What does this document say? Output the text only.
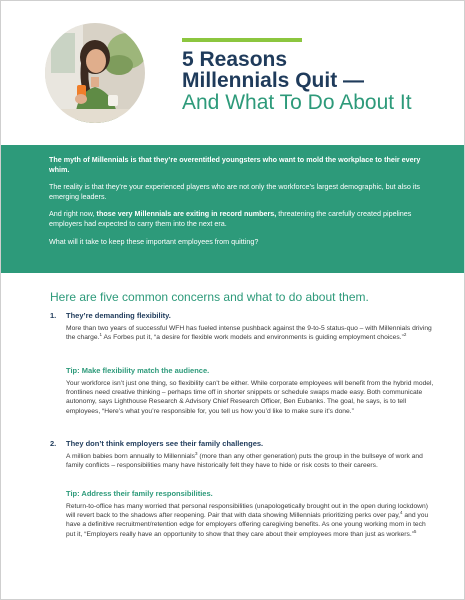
5 Reasons
Millennials Quit —
And What To Do About It

The myth of Millennials is that they’re overentitled youngsters who want to mold the workplace to their every whim.

The reality is that they’re your experienced players who are not only the workforce’s largest demographic, but also its emerging leaders.

And right now, those very Millennials are exiting in record numbers, threatening the carefully created pipelines employers had expected to carry them into the next era.

What will it take to keep these important employees from quitting?

Here are five common concerns and what to do about them.
1. They’re demanding flexibility.
More than two years of successful WFH has fueled intense pushback against the 9-to-5 status-quo – with Millennials driving the charge.$^1$ As Forbes put it, “a desire for flexible work models and environments is guiding employment choices.”$^2$
Tip: Make flexibility match the audience.
Your workforce isn’t just one thing, so flexibility can’t be either. While corporate employees will benefit from the hybrid model, frontlines need creative thinking – perhaps time off in shorter snippets or schedule swaps made easy. Both communicate autonomy, says Lighthouse Research & Advisory Chief Research Officer, Ben Eubanks. The goal, he says, is to tell employees, “Here’s what you’re responsible for, you tell us how you’d like to make sure it’s done.”
2. They don’t think employers see their family challenges.
A million babies born annually to Millennials$^3$ (more than any other generation) puts the group in the bullseye of work and family conflicts – responsibilities many have historically felt they have to hide or risk costs to their careers.
Tip: Address their family responsibilities.
Return-to-office has many worried that personal responsibilities (unapologetically brought out in the open during lockdown) will revert back to the shadows after reopening. Pair that with data showing Millennials prioritizing perks over pay,$^4$ and you have a definitive recruitment/retention edge for employers offering caregiving benefits. As one young working mom in tech put it, “Employers really have an opportunity to show that they care about their employees more than just as workers.”$^5$
